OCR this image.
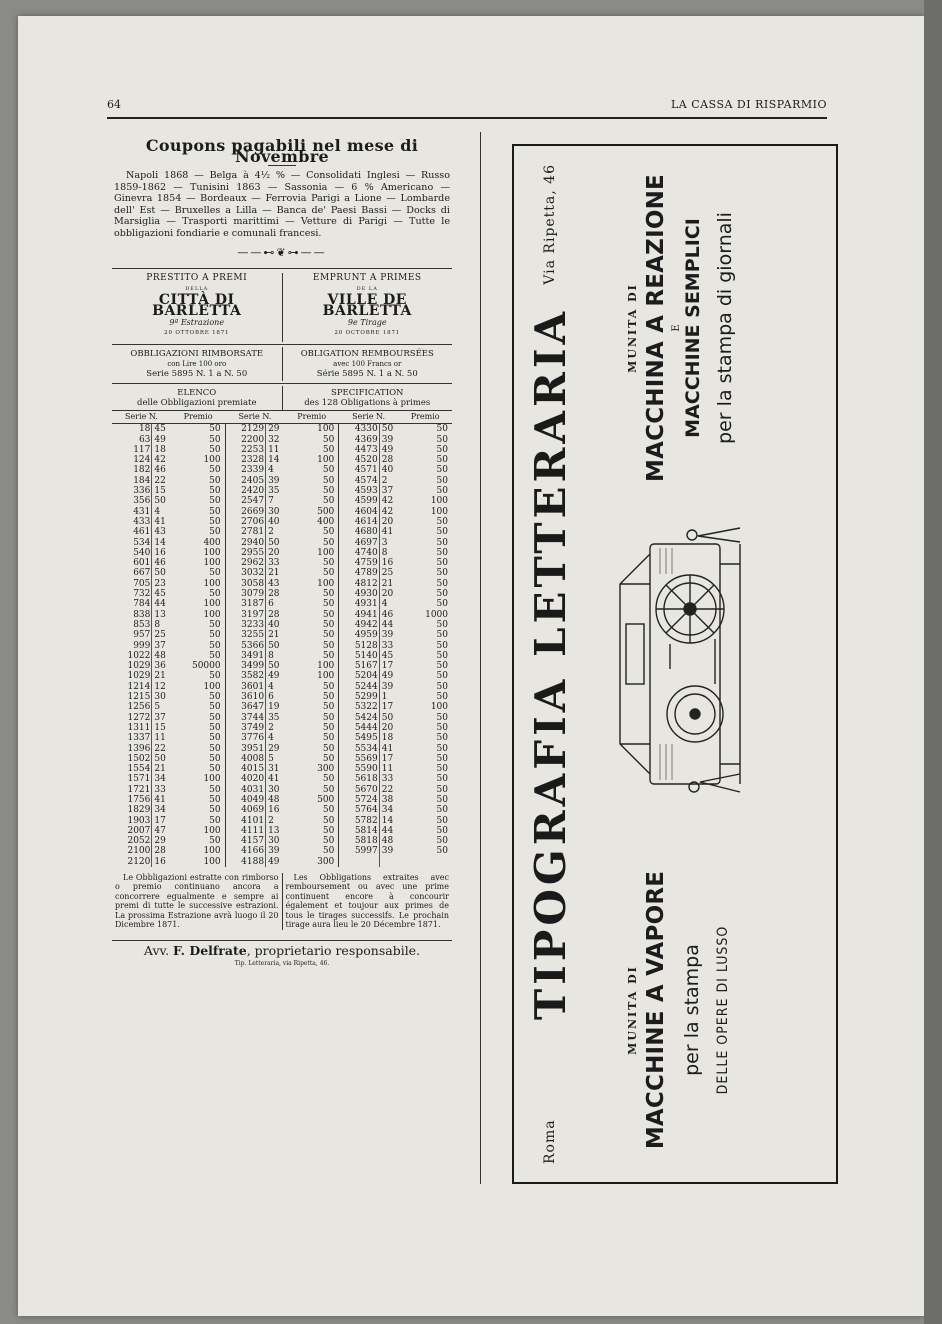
64	LA CASSA DI RISPARMIO
Coupons pagabili nel mese di Novembre
Napoli 1868 — Belga à 4½ % — Consolidati Inglesi — Russo 1859-1862 — Tunisini 1863 — Sassonia — 6 % Americano — Ginevra 1854 — Bordeaux — Ferrovia Parigi a Lione — Lombarde dell' Est — Bruxelles a Lilla — Banca de' Paesi Bassi — Docks di Marsiglia — Trasporti marittimi — Vetture di Parigi — Tutte le obbligazioni fondiarie e comunali francesi.
——⊷❦⊶——
PRESTITO A PREMI
DELLA
CITTÀ DI BARLETTA
9ª Estrazione
20 OTTOBRE 1871
EMPRUNT A PRIMES
DE LA
VILLE DE BARLETTA
9e Tirage
20 OCTOBRE 1871
OBBLIGAZIONI RIMBORSATE
con Lire 100 oro
Serie 5895 N. 1 a N. 50
OBLIGATION REMBOURSÉES
avec 100 Francs or
Série 5895 N. 1 a N. 50
ELENCO
delle Obbligazioni premiate
SPECIFICATION
des 128 Obligations à primes
Serie N.		Premio	Serie N.		Premio	Serie N.		Premio
18	45	50	2129	29	100	4330	50	50
63	49	50	2200	32	50	4369	39	50
117	18	50	2253	11	50	4473	49	50
124	42	100	2328	14	100	4520	28	50
182	46	50	2339	4	50	4571	40	50
184	22	50	2405	39	50	4574	2	50
336	15	50	2420	35	50	4593	37	50
356	50	50	2547	7	50	4599	42	100
431	4	50	2669	30	500	4604	42	100
433	41	50	2706	40	400	4614	20	50
461	43	50	2781	2	50	4680	41	50
534	14	400	2940	50	50	4697	3	50
540	16	100	2955	20	100	4740	8	50
601	46	100	2962	33	50	4759	16	50
667	50	50	3032	21	50	4789	25	50
705	23	100	3058	43	100	4812	21	50
732	45	50	3079	28	50	4930	20	50
784	44	100	3187	6	50	4931	4	50
838	13	100	3197	28	50	4941	46	1000
853	8	50	3233	40	50	4942	44	50
957	25	50	3255	21	50	4959	39	50
999	37	50	5366	50	50	5128	33	50
1022	48	50	3491	8	50	5140	45	50
1029	36	50000	3499	50	100	5167	17	50
1029	21	50	3582	49	100	5204	49	50
1214	12	100	3601	4	50	5244	39	50
1215	30	50	3610	6	50	5299	1	50
1256	5	50	3647	19	50	5322	17	100
1272	37	50	3744	35	50	5424	50	50
1311	15	50	3749	2	50	5444	20	50
1337	11	50	3776	4	50	5495	18	50
1396	22	50	3951	29	50	5534	41	50
1502	50	50	4008	5	50	5569	17	50
1554	21	50	4015	31	300	5590	11	50
1571	34	100	4020	41	50	5618	33	50
1721	33	50	4031	30	50	5670	22	50
1756	41	50	4049	48	500	5724	38	50
1829	34	50	4069	16	50	5764	34	50
1903	17	50	4101	2	50	5782	14	50
2007	47	100	4111	13	50	5814	44	50
2052	29	50	4157	30	50	5818	48	50
2100	28	100	4166	39	50	5997	39	50
2120	16	100	4188	49	300			
Le Obbligazioni estratte con rimborso o premio continuano ancora a concorrere egualmente e sempre ai premi di tutte le successive estrazioni. La prossima Estrazione avrà luogo il 20 Dicembre 1871.
Les Obbligations extraites avec remboursement ou avec une prime continuent encore à concourir également et toujour aux primes de tous le tirages successifs. Le prochain tirage aura lieu le 20 Décembre 1871.
Avv. F. Delfrate, proprietario responsabile.
Tip. Letteraria, via Ripetta, 46.
Roma
Via Ripetta, 46
TIPOGRAFIA LETTERARIA	MUNITA DI MACCHINE A VAPORE per la stampa DELLE OPERE DI LUSSO
MUNITA DI MACCHINA A REAZIONE E MACCHINE SEMPLICI per la stampa di giornali
